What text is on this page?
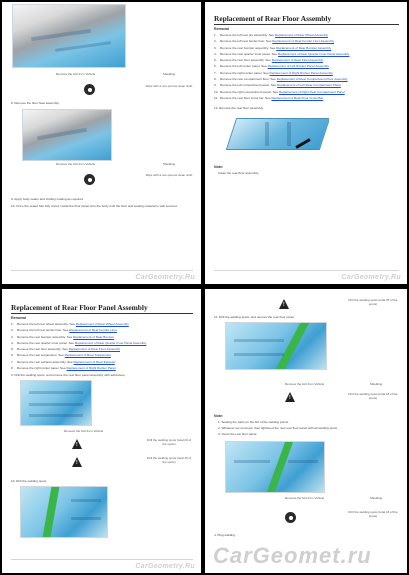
Remove the bolt from Vehicle	Shielding
Wipe with a non-porous clean cloth
8. Remove the floor heat assembly.
Remove the bolt from Vehicle	Shielding
Wipe with a non-porous clean cloth
9. Apply body sealer and chafing coating as required.
10. Once the sealer has fully cured, install the floor panel onto the body until the floor and sealing material is well secured.
CarGeometry.Ru
Replacement of Rear Floor Assembly
Removal
1. Remove the left rear tire assembly. See Replacement of Rear Wheel Assembly
2. Remove the left rear fender liner. See Replacement of Rear Fender Liner Assembly
3. Remove the rear bumper assembly. See Replacement of Rear Bumper Assembly
4. Remove the rear quarter inner panel. See Replacement of Rear Quarter Inner Panel Assembly
5. Remove the rear floor assembly. See Replacement of Rear Floor Assembly
6. Remove the left rocker panel. See Replacement of Left Rocker Panel Assembly
7. Remove the right rocker panel. See Replacement of Right Rocker Panel Assembly
8. Remove the rear compartment floor. See Replacement of Rear Compartment Floor Assembly
9. Remove the left compartment panel. See Replacement of Left Rear Compartment Panel
10. Remove the right compartment panel. See Replacement of Right Rear Compartment Panel
11. Remove the rear floor cross bar. See Replacement of Rear Floor Cross Bar
12. Remove the rear floor assembly.
Note:
Clean the rear floor assembly.
CarGeometry.Ru
Replacement of Rear Floor Panel Assembly
Removal
1. Remove the left rear wheel assembly. See Replacement of Rear Wheel Assembly
2. Remove the left rear fender liner. See Replacement of Rear Fender Liner
3. Remove the rear bumper assembly. See Replacement of Rear Bumper
4. Remove the rear quarter inner panel. See Replacement of Rear Quarter Inner Panel Assembly
5. Remove the rear floor assembly. See Replacement of Rear Floor Assembly
6. Remove the rear suspension. See Replacement of Rear Suspension
7. Remove the rear exhaust assembly. See Replacement of Rear Exhaust
8. Remove the right rocker panel. See Replacement of Right Rocker Panel
9. Drill the welding spots, and remove the rear floor panel assembly with adhesives.
Remove the bolt from Vehicle
!
Drill the welding spots (total 23 of the spots)
!
Drill the welding spots (total 15 of the spots)
10. Drill the welding spots.
CarGeometry.Ru
!
Drill the welding spots (total 35 of the spots)
11. Drill the welding spots, and remove the rear floor panel.
Remove the bolt from Vehicle	Shielding
!
Drill the welding spots (total 18 of the spots)
Note:
1. Sealing the parts on the left of the welding points.
2. Whatever we removed, then tightened the new rear floor panel with all welding spots.
3. Clean the rear floor panel.
Remove the bolt from Vehicle	Shielding
Drill the welding spots (total 18 of the spots)
4. Plug welding.
CarGeomet.ru
